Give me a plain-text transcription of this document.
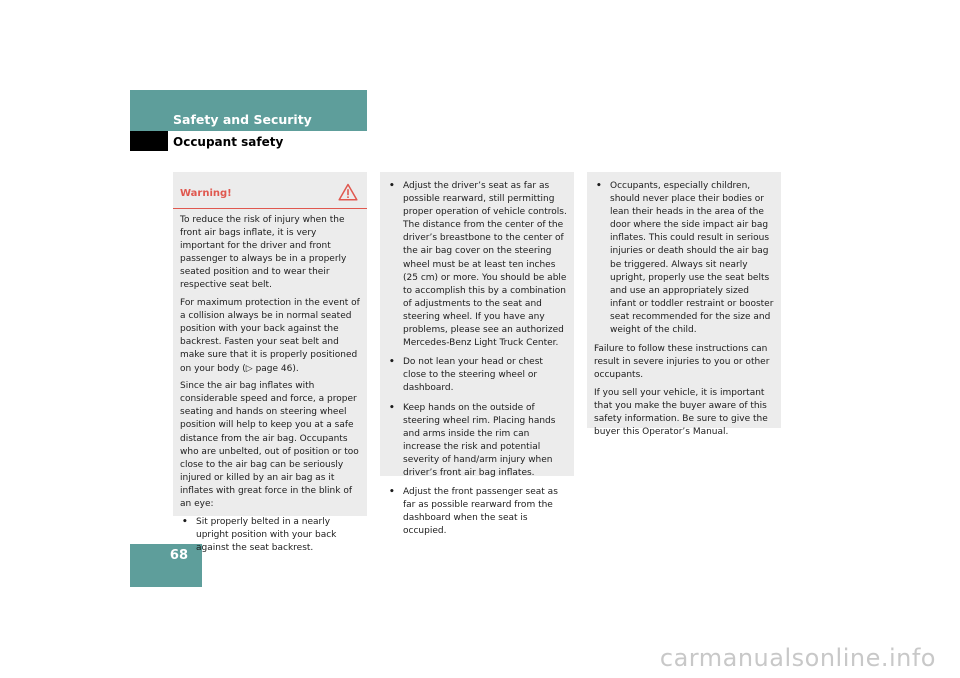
Safety and Security
Occupant safety
68
Warning!

To reduce the risk of injury when the front air bags inflate, it is very important for the driver and front passenger to always be in a properly seated position and to wear their respective seat belt.

For maximum protection in the event of a collision always be in normal seated position with your back against the backrest. Fasten your seat belt and make sure that it is properly positioned on your body (▷ page 46).

Since the air bag inflates with considerable speed and force, a proper seating and hands on steering wheel position will help to keep you at a safe distance from the air bag. Occupants who are unbelted, out of position or too close to the air bag can be seriously injured or killed by an air bag as it inflates with great force in the blink of an eye:

• Sit properly belted in a nearly upright position with your back against the seat backrest.
• Adjust the driver’s seat as far as possible rearward, still permitting proper operation of vehicle controls. The distance from the center of the driver’s breastbone to the center of the air bag cover on the steering wheel must be at least ten inches (25 cm) or more. You should be able to accomplish this by a combination of adjustments to the seat and steering wheel. If you have any problems, please see an authorized Mercedes-Benz Light Truck Center.
• Do not lean your head or chest close to the steering wheel or dashboard.
• Keep hands on the outside of steering wheel rim. Placing hands and arms inside the rim can increase the risk and potential severity of hand/arm injury when driver’s front air bag inflates.
• Adjust the front passenger seat as far as possible rearward from the dashboard when the seat is occupied.
• Occupants, especially children, should never place their bodies or lean their heads in the area of the door where the side impact air bag inflates. This could result in serious injuries or death should the air bag be triggered. Always sit nearly upright, properly use the seat belts and use an appropriately sized infant or toddler restraint or booster seat recommended for the size and weight of the child.

Failure to follow these instructions can result in severe injuries to you or other occupants.

If you sell your vehicle, it is important that you make the buyer aware of this safety information. Be sure to give the buyer this Operator’s Manual.

carmanualsonline.info
